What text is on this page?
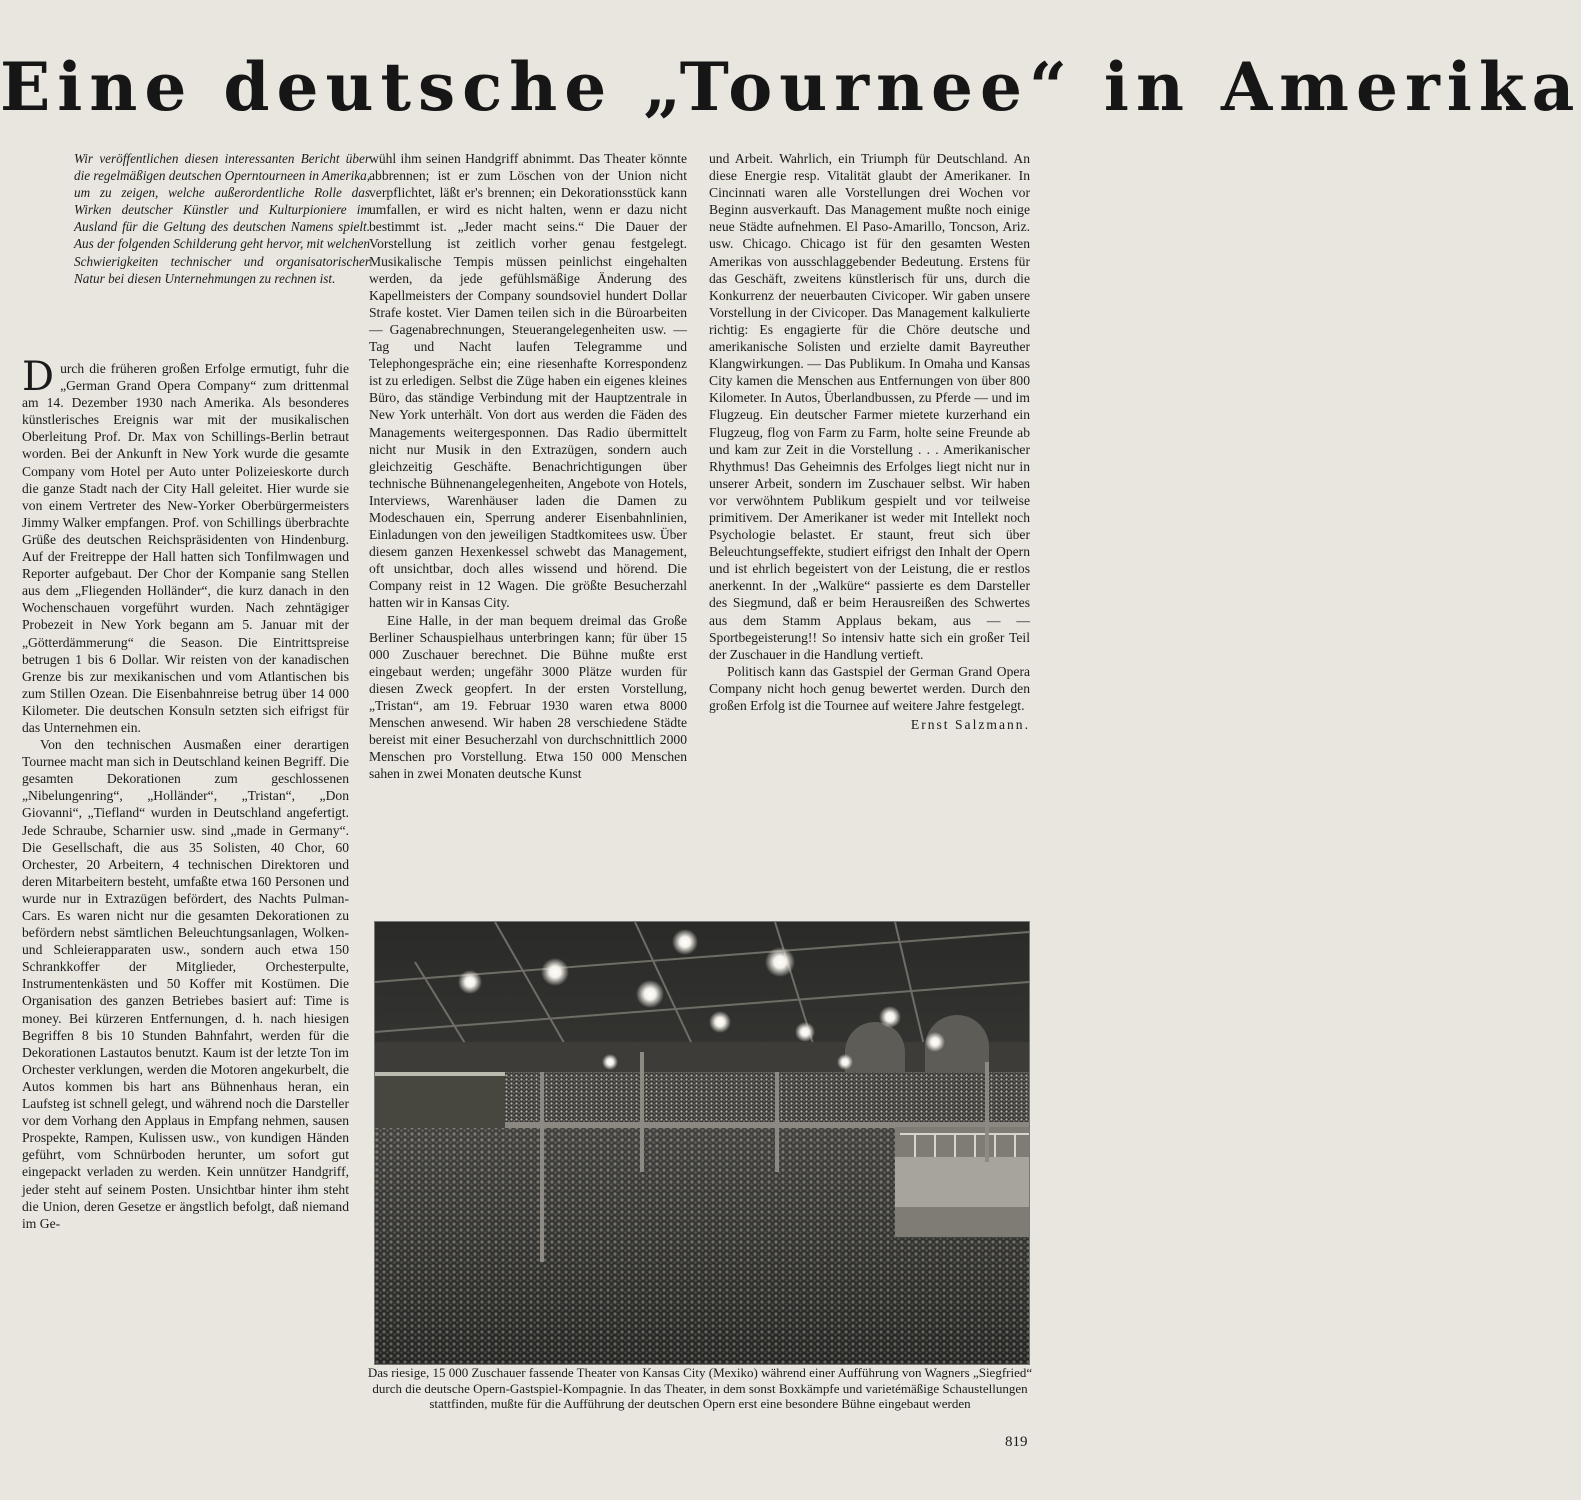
Eine deutsche „Tournee“ in Amerika

Wir veröffentlichen diesen interessanten Bericht über die regelmäßigen deutschen Operntourneen in Amerika, um zu zeigen, welche außerordentliche Rolle das Wirken deutscher Künstler und Kulturpioniere im Ausland für die Geltung des deutschen Namens spielt. Aus der folgenden Schilderung geht hervor, mit welchen Schwierigkeiten technischer und organisatorischer Natur bei diesen Unternehmungen zu rechnen ist.

Durch die früheren großen Erfolge ermutigt, fuhr die „German Grand Opera Company“ zum drittenmal am 14. Dezember 1930 nach Amerika. Als besonderes künstlerisches Ereignis war mit der musikalischen Oberleitung Prof. Dr. Max von Schillings-Berlin betraut worden. Bei der Ankunft in New York wurde die gesamte Company vom Hotel per Auto unter Polizeieskorte durch die ganze Stadt nach der City Hall geleitet. Hier wurde sie von einem Vertreter des New-Yorker Oberbürgermeisters Jimmy Walker empfangen. Prof. von Schillings überbrachte Grüße des deutschen Reichspräsidenten von Hindenburg. Auf der Freitreppe der Hall hatten sich Tonfilmwagen und Reporter aufgebaut. Der Chor der Kompanie sang Stellen aus dem „Fliegenden Holländer“, die kurz danach in den Wochenschauen vorgeführt wurden. Nach zehntägiger Probezeit in New York begann am 5. Januar mit der „Götterdämmerung“ die Season. Die Eintrittspreise betrugen 1 bis 6 Dollar. Wir reisten von der kanadischen Grenze bis zur mexikanischen und vom Atlantischen bis zum Stillen Ozean. Die Eisenbahnreise betrug über 14 000 Kilometer. Die deutschen Konsuln setzten sich eifrigst für das Unternehmen ein.

Von den technischen Ausmaßen einer derartigen Tournee macht man sich in Deutschland keinen Begriff. Die gesamten Dekorationen zum geschlossenen „Nibelungenring“, „Holländer“, „Tristan“, „Don Giovanni“, „Tiefland“ wurden in Deutschland angefertigt. Jede Schraube, Scharnier usw. sind „made in Germany“. Die Gesellschaft, die aus 35 Solisten, 40 Chor, 60 Orchester, 20 Arbeitern, 4 technischen Direktoren und deren Mitarbeitern besteht, umfaßte etwa 160 Personen und wurde nur in Extrazügen befördert, des Nachts Pulman-Cars. Es waren nicht nur die gesamten Dekorationen zu befördern nebst sämtlichen Beleuchtungsanlagen, Wolken- und Schleierapparaten usw., sondern auch etwa 150 Schrankkoffer der Mitglieder, Orchesterpulte, Instrumentenkästen und 50 Koffer mit Kostümen. Die Organisation des ganzen Betriebes basiert auf: Time is money. Bei kürzeren Entfernungen, d. h. nach hiesigen Begriffen 8 bis 10 Stunden Bahnfahrt, werden für die Dekorationen Lastautos benutzt. Kaum ist der letzte Ton im Orchester verklungen, werden die Motoren angekurbelt, die Autos kommen bis hart ans Bühnenhaus heran, ein Laufsteg ist schnell gelegt, und während noch die Darsteller vor dem Vorhang den Applaus in Empfang nehmen, sausen Prospekte, Rampen, Kulissen usw., von kundigen Händen geführt, vom Schnürboden herunter, um sofort gut eingepackt verladen zu werden. Kein unnützer Handgriff, jeder steht auf seinem Posten. Unsichtbar hinter ihm steht die Union, deren Gesetze er ängstlich befolgt, daß niemand im Ge-

wühl ihm seinen Handgriff abnimmt. Das Theater könnte abbrennen; ist er zum Löschen von der Union nicht verpflichtet, läßt er's brennen; ein Dekorationsstück kann umfallen, er wird es nicht halten, wenn er dazu nicht bestimmt ist. „Jeder macht seins.“ Die Dauer der Vorstellung ist zeitlich vorher genau festgelegt. Musikalische Tempis müssen peinlichst eingehalten werden, da jede gefühlsmäßige Änderung des Kapellmeisters der Company soundsoviel hundert Dollar Strafe kostet. Vier Damen teilen sich in die Büroarbeiten — Gagenabrechnungen, Steuerangelegenheiten usw. — Tag und Nacht laufen Telegramme und Telephongespräche ein; eine riesenhafte Korrespondenz ist zu erledigen. Selbst die Züge haben ein eigenes kleines Büro, das ständige Verbindung mit der Hauptzentrale in New York unterhält. Von dort aus werden die Fäden des Managements weitergesponnen. Das Radio übermittelt nicht nur Musik in den Extrazügen, sondern auch gleichzeitig Geschäfte. Benachrichtigungen über technische Bühnenangelegenheiten, Angebote von Hotels, Interviews, Warenhäuser laden die Damen zu Modeschauen ein, Sperrung anderer Eisenbahnlinien, Einladungen von den jeweiligen Stadtkomitees usw. Über diesem ganzen Hexenkessel schwebt das Management, oft unsichtbar, doch alles wissend und hörend. Die Company reist in 12 Wagen. Die größte Besucherzahl hatten wir in Kansas City.

Eine Halle, in der man bequem dreimal das Große Berliner Schauspielhaus unterbringen kann; für über 15 000 Zuschauer berechnet. Die Bühne mußte erst eingebaut werden; ungefähr 3000 Plätze wurden für diesen Zweck geopfert. In der ersten Vorstellung, „Tristan“, am 19. Februar 1930 waren etwa 8000 Menschen anwesend. Wir haben 28 verschiedene Städte bereist mit einer Besucherzahl von durchschnittlich 2000 Menschen pro Vorstellung. Etwa 150 000 Menschen sahen in zwei Monaten deutsche Kunst

und Arbeit. Wahrlich, ein Triumph für Deutschland. An diese Energie resp. Vitalität glaubt der Amerikaner. In Cincinnati waren alle Vorstellungen drei Wochen vor Beginn ausverkauft. Das Management mußte noch einige neue Städte aufnehmen. El Paso-Amarillo, Toncson, Ariz. usw. Chicago. Chicago ist für den gesamten Westen Amerikas von ausschlaggebender Bedeutung. Erstens für das Geschäft, zweitens künstlerisch für uns, durch die Konkurrenz der neuerbauten Civicoper. Wir gaben unsere Vorstellung in der Civicoper. Das Management kalkulierte richtig: Es engagierte für die Chöre deutsche und amerikanische Solisten und erzielte damit Bayreuther Klangwirkungen. — Das Publikum. In Omaha und Kansas City kamen die Menschen aus Entfernungen von über 800 Kilometer. In Autos, Überlandbussen, zu Pferde — und im Flugzeug. Ein deutscher Farmer mietete kurzerhand ein Flugzeug, flog von Farm zu Farm, holte seine Freunde ab und kam zur Zeit in die Vorstellung . . . Amerikanischer Rhythmus! Das Geheimnis des Erfolges liegt nicht nur in unserer Arbeit, sondern im Zuschauer selbst. Wir haben vor verwöhntem Publikum gespielt und vor teilweise primitivem. Der Amerikaner ist weder mit Intellekt noch Psychologie belastet. Er staunt, freut sich über Beleuchtungseffekte, studiert eifrigst den Inhalt der Opern und ist ehrlich begeistert von der Leistung, die er restlos anerkennt. In der „Walküre“ passierte es dem Darsteller des Siegmund, daß er beim Herausreißen des Schwertes aus dem Stamm Applaus bekam, aus — — Sportbegeisterung!! So intensiv hatte sich ein großer Teil der Zuschauer in die Handlung vertieft.

Politisch kann das Gastspiel der German Grand Opera Company nicht hoch genug bewertet werden. Durch den großen Erfolg ist die Tournee auf weitere Jahre festgelegt.

Ernst Salzmann.

Das riesige, 15 000 Zuschauer fassende Theater von Kansas City (Mexiko) während einer Aufführung von Wagners „Siegfried“ durch die deutsche Opern-Gastspiel-Kompagnie. In das Theater, in dem sonst Boxkämpfe und varietémäßige Schaustellungen stattfinden, mußte für die Aufführung der deutschen Opern erst eine besondere Bühne eingebaut werden
819
